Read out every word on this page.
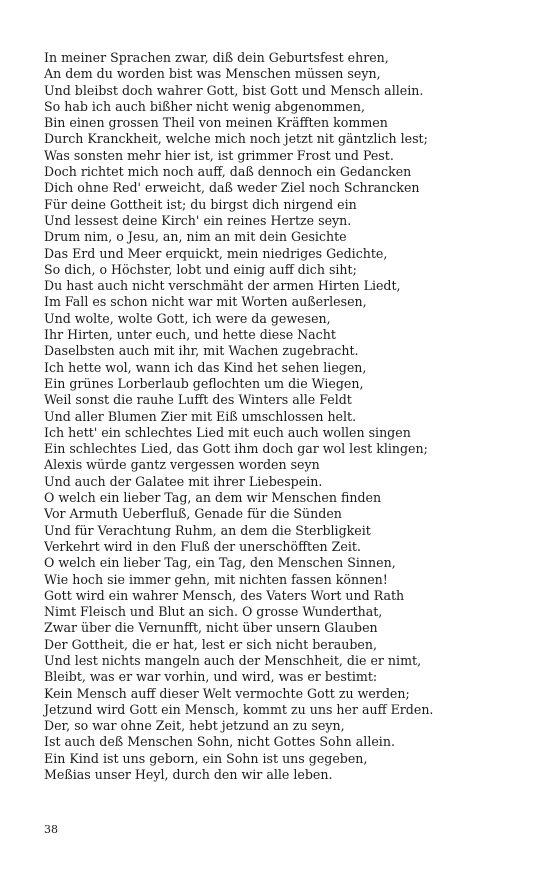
In meiner Sprachen zwar, diß dein Geburtsfest ehren,
An dem du worden bist was Menschen müssen seyn,
Und bleibst doch wahrer Gott, bist Gott und Mensch allein.
So hab ich auch bißher nicht wenig abgenommen,
Bin einen grossen Theil von meinen Kräfften kommen
Durch Kranckheit, welche mich noch jetzt nit gäntzlich lest;
Was sonsten mehr hier ist, ist grimmer Frost und Pest.
Doch richtet mich noch auff, daß dennoch ein Gedancken
Dich ohne Red' erweicht, daß weder Ziel noch Schrancken
Für deine Gottheit ist; du birgst dich nirgend ein
Und lessest deine Kirch' ein reines Hertze seyn.
Drum nim, o Jesu, an, nim an mit dein Gesichte
Das Erd und Meer erquickt, mein niedriges Gedichte,
So dich, o Höchster, lobt und einig auff dich siht;
Du hast auch nicht verschmäht der armen Hirten Liedt,
Im Fall es schon nicht war mit Worten außerlesen,
Und wolte, wolte Gott, ich were da gewesen,
Ihr Hirten, unter euch, und hette diese Nacht
Daselbsten auch mit ihr, mit Wachen zugebracht.
Ich hette wol, wann ich das Kind het sehen liegen,
Ein grünes Lorberlaub geflochten um die Wiegen,
Weil sonst die rauhe Lufft des Winters alle Feldt
Und aller Blumen Zier mit Eiß umschlossen helt.
Ich hett' ein schlechtes Lied mit euch auch wollen singen
Ein schlechtes Lied, das Gott ihm doch gar wol lest klingen;
Alexis würde gantz vergessen worden seyn
Und auch der Galatee mit ihrer Liebespein.
O welch ein lieber Tag, an dem wir Menschen finden
Vor Armuth Ueberfluß, Genade für die Sünden
Und für Verachtung Ruhm, an dem die Sterbligkeit
Verkehrt wird in den Fluß der unerschöfften Zeit.
O welch ein lieber Tag, ein Tag, den Menschen Sinnen,
Wie hoch sie immer gehn, mit nichten fassen können!
Gott wird ein wahrer Mensch, des Vaters Wort und Rath
Nimt Fleisch und Blut an sich. O grosse Wunderthat,
Zwar über die Vernunfft, nicht über unsern Glauben
Der Gottheit, die er hat, lest er sich nicht berauben,
Und lest nichts mangeln auch der Menschheit, die er nimt,
Bleibt, was er war vorhin, und wird, was er bestimt:
Kein Mensch auff dieser Welt vermochte Gott zu werden;
Jetzund wird Gott ein Mensch, kommt zu uns her auff Erden.
Der, so war ohne Zeit, hebt jetzund an zu seyn,
Ist auch deß Menschen Sohn, nicht Gottes Sohn allein.
Ein Kind ist uns geborn, ein Sohn ist uns gegeben,
Meßias unser Heyl, durch den wir alle leben.
38
